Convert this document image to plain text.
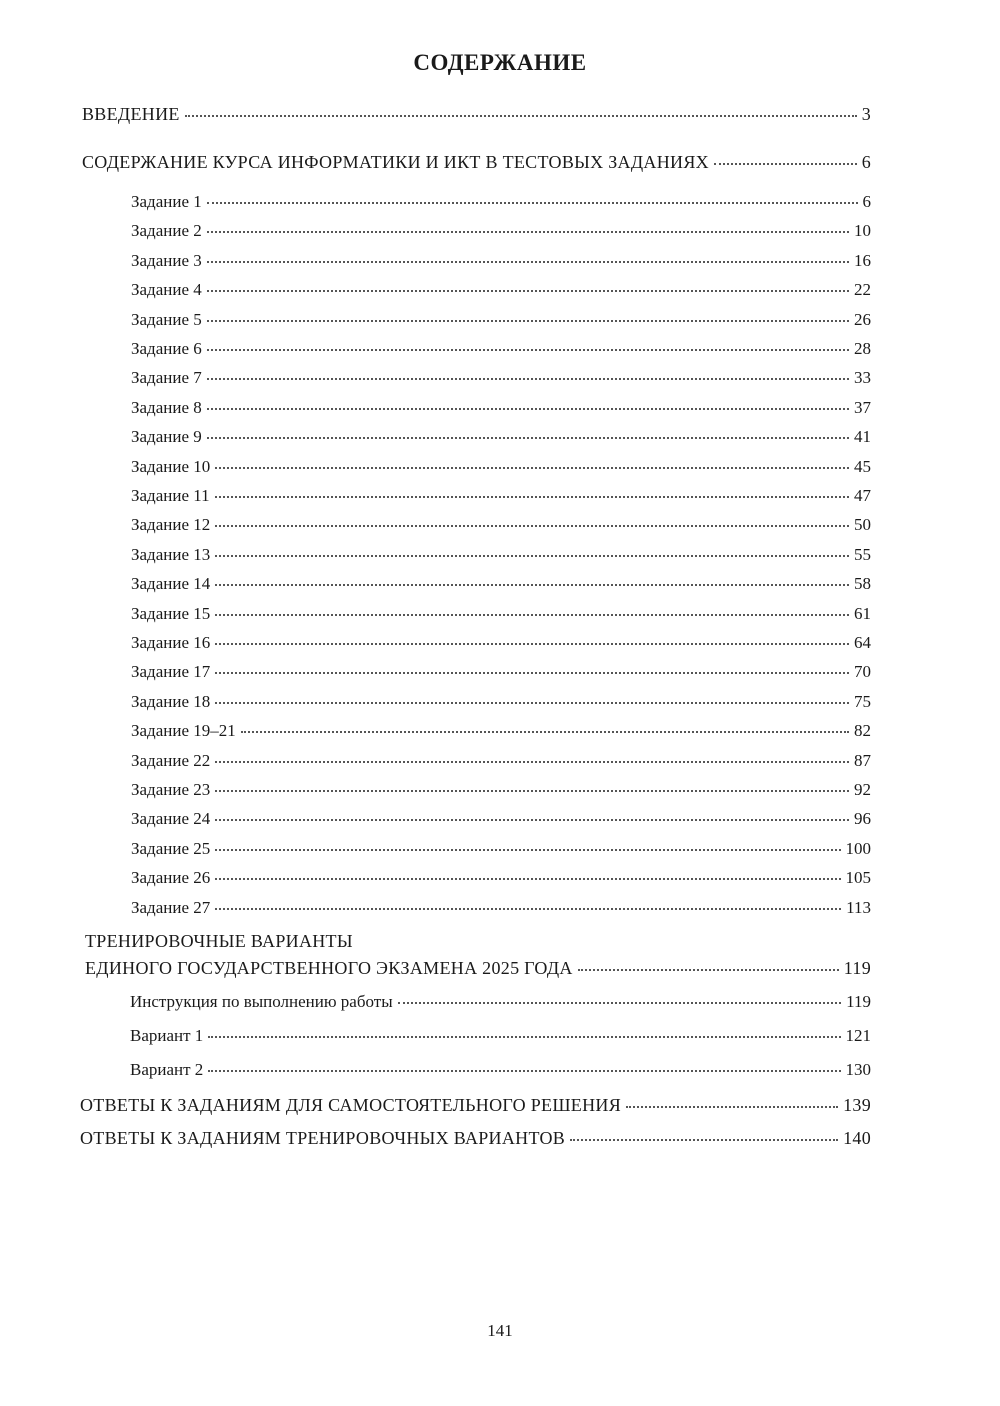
СОДЕРЖАНИЕ
ВВЕДЕНИЕ	3
СОДЕРЖАНИЕ КУРСА ИНФОРМАТИКИ И ИКТ В ТЕСТОВЫХ ЗАДАНИЯХ	6
Задание 1	6
Задание 2	10
Задание 3	16
Задание 4	22
Задание 5	26
Задание 6	28
Задание 7	33
Задание 8	37
Задание 9	41
Задание 10	45
Задание 11	47
Задание 12	50
Задание 13	55
Задание 14	58
Задание 15	61
Задание 16	64
Задание 17	70
Задание 18	75
Задание 19–21	82
Задание 22	87
Задание 23	92
Задание 24	96
Задание 25	100
Задание 26	105
Задание 27	113
ТРЕНИРОВОЧНЫЕ ВАРИАНТЫ
ЕДИНОГО ГОСУДАРСТВЕННОГО ЭКЗАМЕНА 2025 ГОДА	119
Инструкция по выполнению работы	119
Вариант 1	121
Вариант 2	130
ОТВЕТЫ К ЗАДАНИЯМ ДЛЯ САМОСТОЯТЕЛЬНОГО РЕШЕНИЯ	139
ОТВЕТЫ К ЗАДАНИЯМ ТРЕНИРОВОЧНЫХ ВАРИАНТОВ	140
141
